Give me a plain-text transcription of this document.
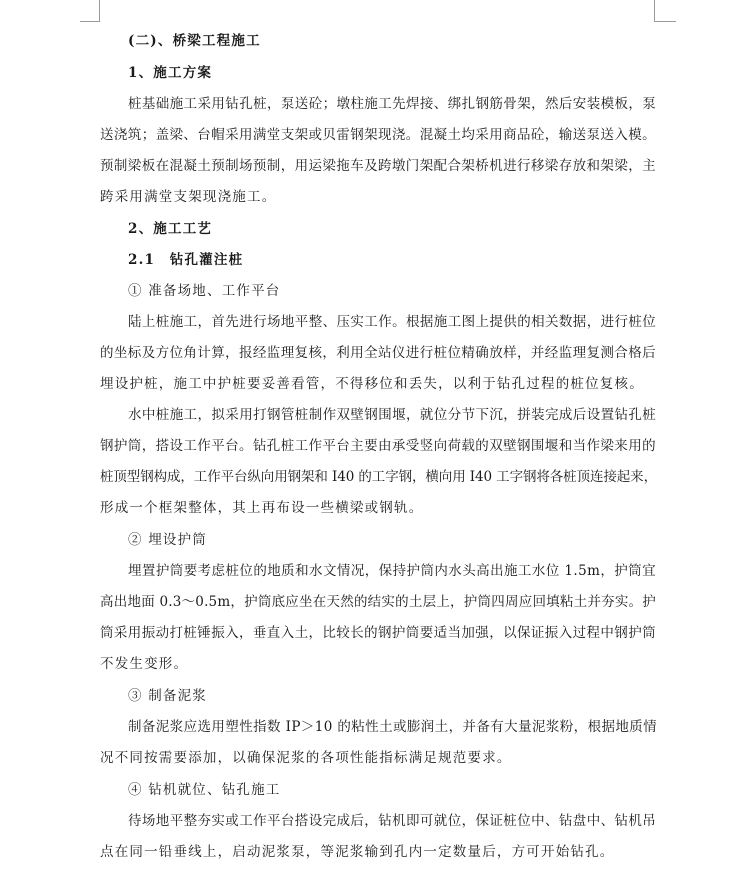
(二)、桥梁工程施工
1、施工方案
桩基础施工采用钻孔桩，泵送砼；墩柱施工先焊接、绑扎钢筋骨架，然后安装模板，泵
送浇筑；盖梁、台帽采用满堂支架或贝雷钢架现浇。混凝土均采用商品砼，输送泵送入模。
预制梁板在混凝土预制场预制，用运梁拖车及跨墩门架配合架桥机进行移梁存放和架梁，主
跨采用满堂支架现浇施工。
2、施工工艺
2.1　钻孔灌注桩
① 准备场地、工作平台
陆上桩施工，首先进行场地平整、压实工作。根据施工图上提供的相关数据，进行桩位
的坐标及方位角计算，报经监理复核，利用全站仪进行桩位精确放样，并经监理复测合格后
埋设护桩，施工中护桩要妥善看管，不得移位和丢失，以利于钻孔过程的桩位复核。
水中桩施工，拟采用打钢管桩制作双壁钢围堰，就位分节下沉，拼装完成后设置钻孔桩
钢护筒，搭设工作平台。钻孔桩工作平台主要由承受竖向荷载的双壁钢围堰和当作梁来用的
桩顶型钢构成，工作平台纵向用钢架和 I40 的工字钢，横向用 I40 工字钢将各桩顶连接起来，
形成一个框架整体，其上再布设一些横梁或钢轨。
② 埋设护筒
埋置护筒要考虑桩位的地质和水文情况，保持护筒内水头高出施工水位 1.5m，护筒宜
高出地面 0.3～0.5m，护筒底应坐在天然的结实的土层上，护筒四周应回填粘土并夯实。护
筒采用振动打桩锤振入，垂直入土，比较长的钢护筒要适当加强，以保证振入过程中钢护筒
不发生变形。
③ 制备泥浆
制备泥浆应选用塑性指数 IP＞10 的粘性土或膨润土，并备有大量泥浆粉，根据地质情
况不同按需要添加，以确保泥浆的各项性能指标满足规范要求。
④ 钻机就位、钻孔施工
待场地平整夯实或工作平台搭设完成后，钻机即可就位，保证桩位中、钻盘中、钻机吊
点在同一铅垂线上，启动泥浆泵，等泥浆输到孔内一定数量后，方可开始钻孔。
